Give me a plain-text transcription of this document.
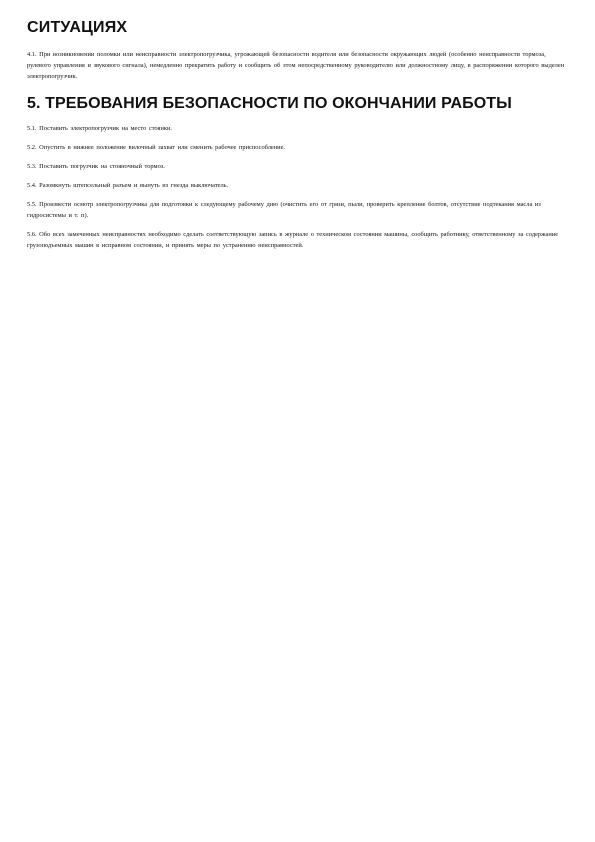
СИТУАЦИЯХ

4.1. При возникновении поломки или неисправности электропогрузчика, угрожающей безопасности водителя или безопасности окружающих людей (особенно неисправности тормоза, рулевого управления и звукового сигнала), немедленно прекратить работу и сообщить об этом непосредственному руководителю или должностному лицу, в распоряжении которого выделен электропогрузчик.

5. ТРЕБОВАНИЯ БЕЗОПАСНОСТИ ПО ОКОНЧАНИИ РАБОТЫ

5.1. Поставить электропогрузчик на место стоянки.

5.2. Опустить в нижнее положение вилочный захват или сменить рабочее приспособление.

5.3. Поставить погрузчик на стояночный тормоз.

5.4. Разомкнуть штепсельный разъем и вынуть из гнезда выключатель.

5.5. Произвести осмотр электропогрузчика для подготовки к следующему рабочему дню (очистить его от грязи, пыли, проверить крепление болтов, отсутствие подтекания масла из гидросистемы и т. п).

5.6. Обо всех замеченных неисправностях необходимо сделать соответствующую запись в журнале о техническом состоянии машины, сообщить работнику, ответственному за содержание грузоподъемных машин в исправном состоянии, и принять меры по устранению неисправностей.
